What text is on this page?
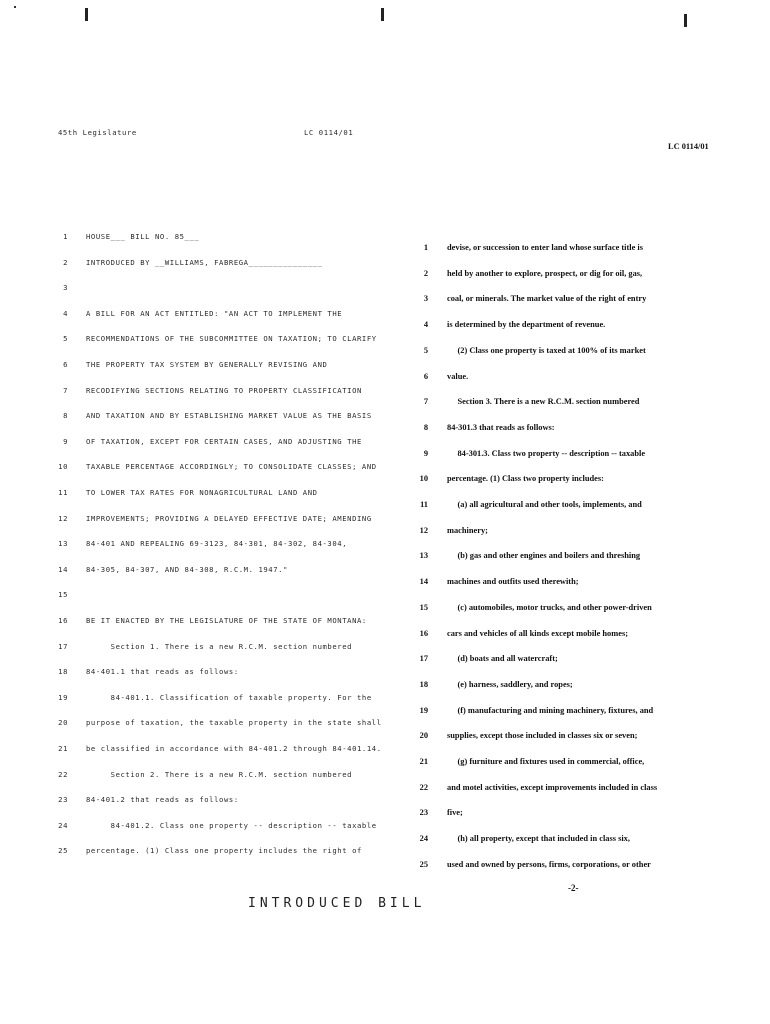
45th Legislature	LC 0114/01
1	HOUSE___ BILL NO. 85___
2	INTRODUCED BY __WILLIAMS, FABREGA_______________
3
4	A BILL FOR AN ACT ENTITLED: "AN ACT TO IMPLEMENT THE
5	RECOMMENDATIONS OF THE SUBCOMMITTEE ON TAXATION; TO CLARIFY
6	THE PROPERTY TAX SYSTEM BY GENERALLY REVISING AND
7	RECODIFYING SECTIONS RELATING TO PROPERTY CLASSIFICATION
8	AND TAXATION AND BY ESTABLISHING MARKET VALUE AS THE BASIS
9	OF TAXATION, EXCEPT FOR CERTAIN CASES, AND ADJUSTING THE
10	TAXABLE PERCENTAGE ACCORDINGLY; TO CONSOLIDATE CLASSES; AND
11	TO LOWER TAX RATES FOR NONAGRICULTURAL LAND AND
12	IMPROVEMENTS; PROVIDING A DELAYED EFFECTIVE DATE; AMENDING
13	84-401 AND REPEALING 69-3123, 84-301, 84-302, 84-304,
14	84-305, 84-307, AND 84-308, R.C.M. 1947."
15
16	BE IT ENACTED BY THE LEGISLATURE OF THE STATE OF MONTANA:
17	Section 1. There is a new R.C.M. section numbered
18	84-401.1 that reads as follows:
19	84-401.1. Classification of taxable property. For the
20	purpose of taxation, the taxable property in the state shall
21	be classified in accordance with 84-401.2 through 84-401.14.
22	Section 2. There is a new R.C.M. section numbered
23	84-401.2 that reads as follows:
24	84-401.2. Class one property -- description -- taxable
25	percentage. (1) Class one property includes the right of
INTRODUCED BILL
LC 0114/01
1 devise, or succession to enter land whose surface title is
2 held by another to explore, prospect, or dig for oil, gas,
3 coal, or minerals. The market value of the right of entry
4 is determined by the department of revenue.
5 (2) Class one property is taxed at 100% of its market
6 value.
7 Section 3. There is a new R.C.M. section numbered
8 84-301.3 that reads as follows:
9 84-301.3. Class two property -- description -- taxable
10 percentage. (1) Class two property includes:
11 (a) all agricultural and other tools, implements, and
12 machinery;
13 (b) gas and other engines and boilers and threshing
14 machines and outfits used therewith;
15 (c) automobiles, motor trucks, and other power-driven
16 cars and vehicles of all kinds except mobile homes;
17 (d) boats and all watercraft;
18 (e) harness, saddlery, and ropes;
19 (f) manufacturing and mining machinery, fixtures, and
20 supplies, except those included in classes six or seven;
21 (g) furniture and fixtures used in commercial, office,
22 and motel activities, except improvements included in class
23 five;
24 (h) all property, except that included in class six,
25 used and owned by persons, firms, corporations, or other
-2-
